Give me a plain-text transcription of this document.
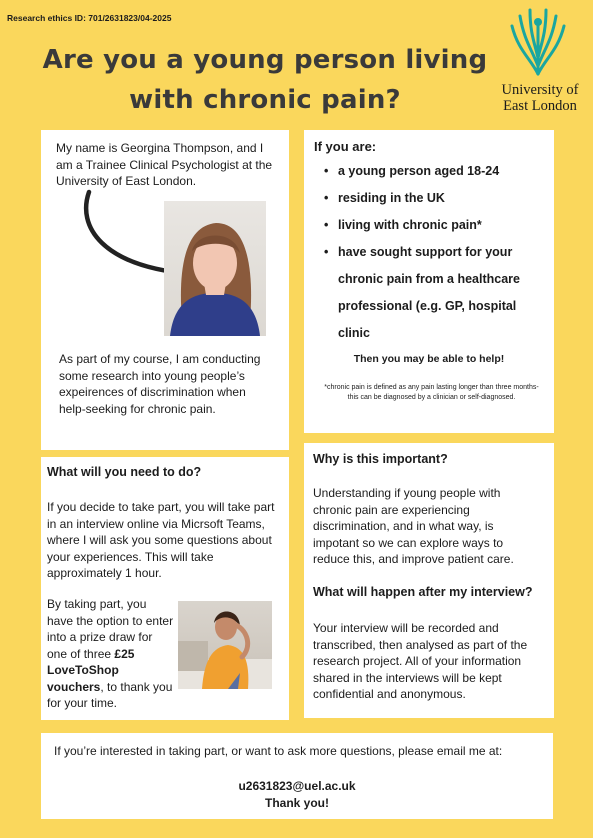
Research ethics ID: 701/2631823/04-2025
Are you a young person living with chronic pain?	University of East London

My name is Georgina Thompson, and I am a Trainee Clinical Psychologist at the University of East London.

As part of my course, I am conducting some research into young people’s expeirences of discrimination when help-seeking for chronic pain.

If you are:
• a young person aged 18-24
• residing in the UK
• living with chronic pain*
• have sought support for your chronic pain from a healthcare professional (e.g. GP, hospital clinic
Then you may be able to help!
*chronic pain is defined as any pain lasting longer than three months- this can be diagnosed by a clinician or self-diagnosed.
What will you need to do?

If you decide to take part, you will take part in an interview online via Micrsoft Teams, where I will ask you some questions about your experiences. This will take approximately 1 hour.

By taking part, you have the option to enter into a prize draw for one of three £25 LoveToShop vouchers, to thank you for your time.

Why is this important?

Understanding if young people with chronic pain are experiencing discrimination, and in what way, is impotant so we can explore ways to reduce this, and improve patient care.

What will happen after my interview?

Your interview will be recorded and transcribed, then analysed as part of the research project. All of your information shared in the interviews will be kept confidential and anonymous.

If you’re interested in taking part, or want to ask more questions, please email me at:

u2631823@uel.ac.uk
Thank you!
